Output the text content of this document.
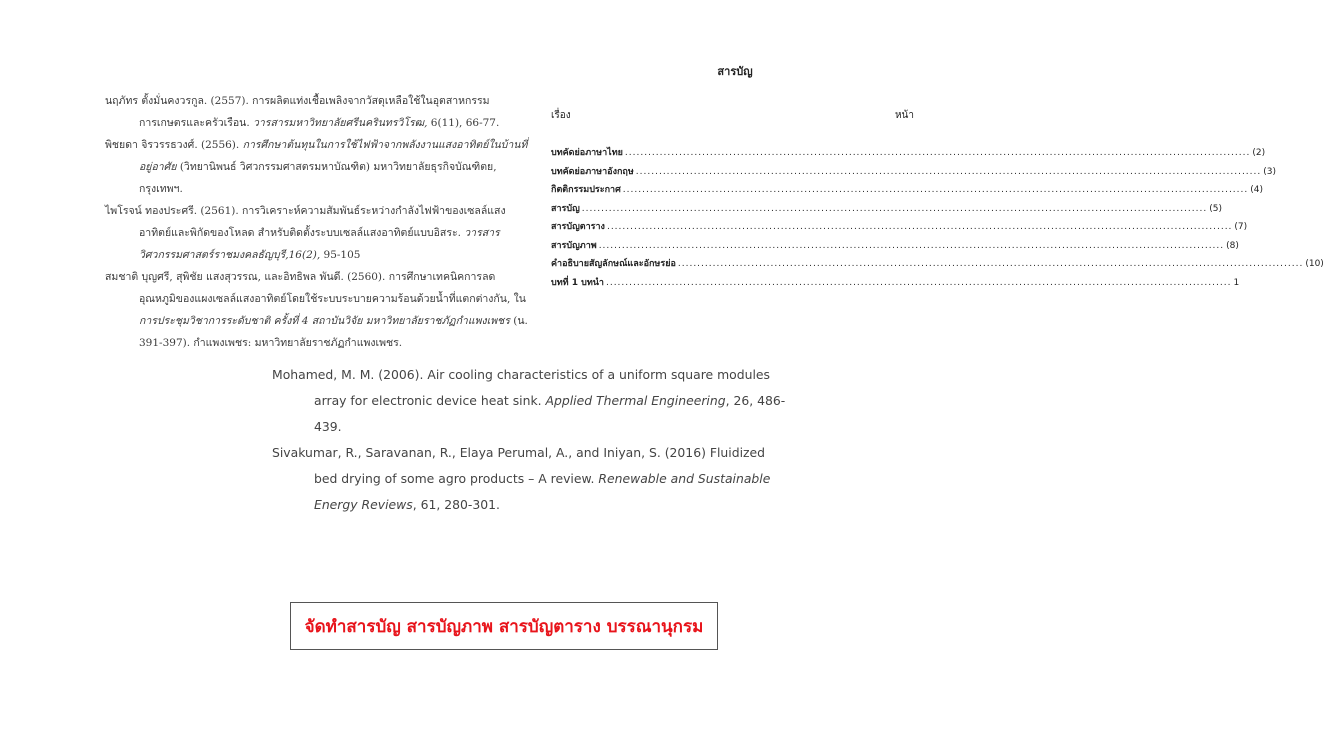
นฤภัทร ตั้งมั่นคงวรกูล. (2557). การผลิตแท่งเชื้อเพลิงจากวัสดุเหลือใช้ในอุตสาหกรรมการเกษตรและครัวเรือน. วารสารมหาวิทยาลัยศรีนครินทรวิโรฒ, 6(11), 66-77.
พิชยดา จิรวรรธวงศ์. (2556). การศึกษาต้นทุนในการใช้ไฟฟ้าจากพลังงานแสงอาทิตย์ในบ้านที่อยู่อาศัย (วิทยานิพนธ์ วิศวกรรมศาสตรมหาบัณฑิต) มหาวิทยาลัยธุรกิจบัณฑิตย, กรุงเทพฯ.
ไพโรจน์ ทองประศรี. (2561). การวิเคราะห์ความสัมพันธ์ระหว่างกำลังไฟฟ้าของเซลล์แสงอาทิตย์และพิกัดของโหลด สำหรับติดตั้งระบบเซลล์แสงอาทิตย์แบบอิสระ. วารสารวิศวกรรมศาสตร์ราชมงคลธัญบุรี,16(2), 95-105
สมชาติ บุญศรี, สุพิชัย แสงสุวรรณ, และอิทธิพล พันดี. (2560). การศึกษาเทคนิคการลดอุณหภูมิของแผงเซลล์แสงอาทิตย์โดยใช้ระบบระบายความร้อนด้วยน้ำที่แตกต่างกัน, ใน การประชุมวิชาการระดับชาติ ครั้งที่ 4 สถาบันวิจัย มหาวิทยาลัยราชภัฏกำแพงเพชร (น. 391-397). กำแพงเพชร: มหาวิทยาลัยราชภัฏกำแพงเพชร.
สารบัญ
เรื่อง	หน้า
บทคัดย่อภาษาไทย .................................................................................................................................................................. (2)
บทคัดย่อภาษาอังกฤษ .................................................................................................................................................................. (3)
กิตติกรรมประกาศ .................................................................................................................................................................. (4)
สารบัญ .................................................................................................................................................................. (5)
สารบัญตาราง .................................................................................................................................................................. (7)
สารบัญภาพ .................................................................................................................................................................. (8)
คำอธิบายสัญลักษณ์และอักษรย่อ .................................................................................................................................................................. (10)
บทที่ 1 บทนำ .................................................................................................................................................................. 1
Mohamed, M. M. (2006). Air cooling characteristics of a uniform square modules array for electronic device heat sink. Applied Thermal Engineering, 26, 486-439.
Sivakumar, R., Saravanan, R., Elaya Perumal, A., and Iniyan, S. (2016) Fluidized bed drying of some agro products – A review. Renewable and Sustainable Energy Reviews, 61, 280-301.
จัดทำสารบัญ สารบัญภาพ สารบัญตาราง บรรณานุกรม
